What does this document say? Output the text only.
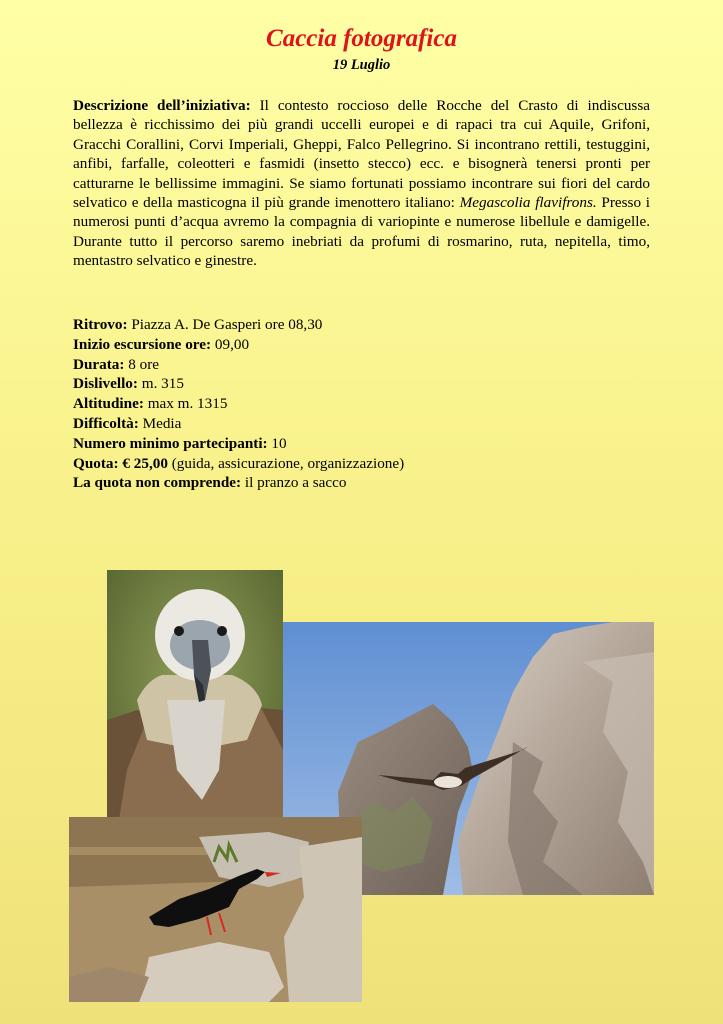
Caccia fotografica
19 Luglio

Descrizione dell’iniziativa: Il contesto roccioso delle Rocche del Crasto di indiscussa bellezza è ricchissimo dei più grandi uccelli europei e di rapaci tra cui Aquile, Grifoni, Gracchi Corallini, Corvi Imperiali, Gheppi, Falco Pellegrino. Si incontrano rettili, testuggini, anfibi, farfalle, coleotteri e fasmidi (insetto stecco) ecc. e bisognerà tenersi pronti per catturarne le bellissime immagini. Se siamo fortunati possiamo incontrare sui fiori del cardo selvatico e della masticogna il più grande imenottero italiano: Megascolia flavifrons. Presso i numerosi punti d’acqua avremo la compagnia di variopinte e numerose libellule e damigelle. Durante tutto il percorso saremo inebriati da profumi di rosmarino, ruta, nepitella, timo, mentastro selvatico e ginestre.

Ritrovo: Piazza A. De Gasperi ore 08,30
Inizio escursione ore: 09,00
Durata: 8 ore
Dislivello: m. 315
Altitudine: max m. 1315
Difficoltà: Media
Numero minimo partecipanti: 10
Quota: € 25,00 (guida, assicurazione, organizzazione)
La quota non comprende: il pranzo a sacco
